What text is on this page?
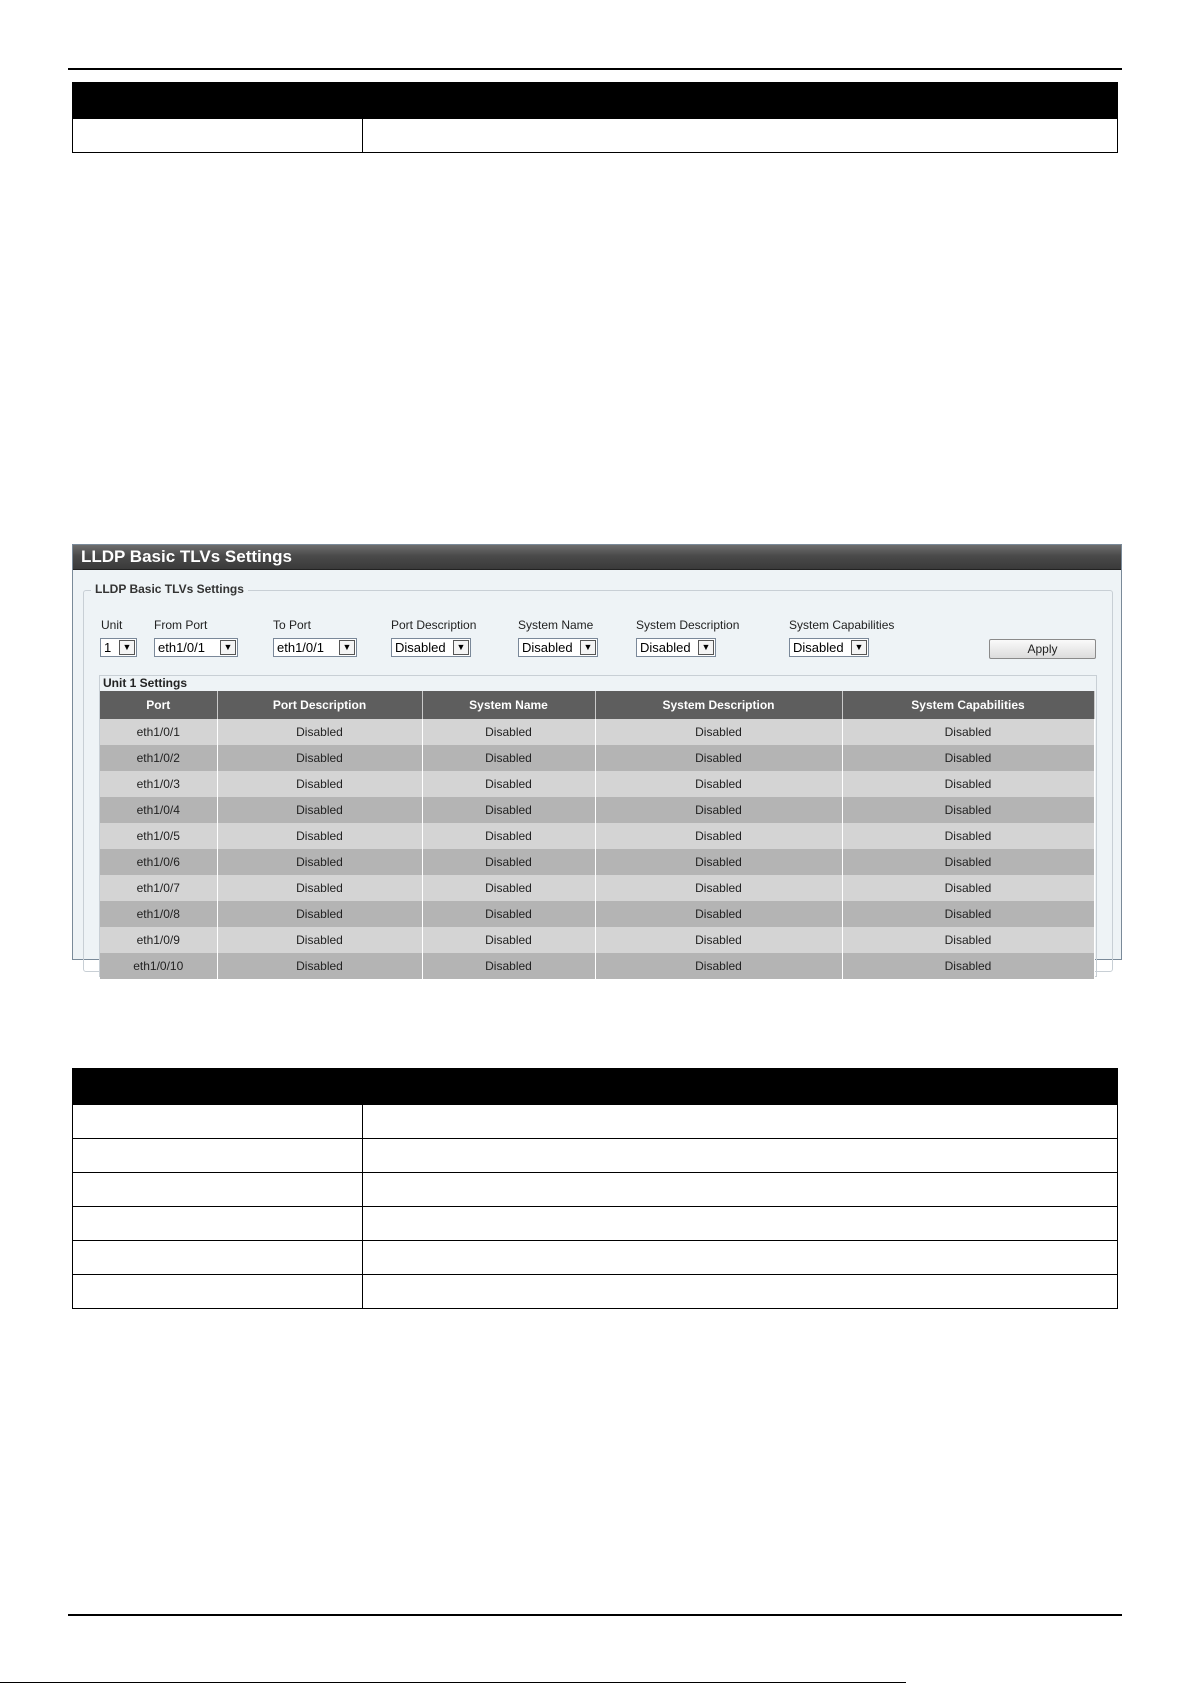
LLDP Basic TLVs Settings
LLDP Basic TLVs Settings
Unit	From Port	To Port	Port Description	System Name	System Description	System Capabilities
1	▼	eth1/0/1	▼	eth1/0/1	▼	Disabled	▼	Disabled	▼	Disabled	▼	Disabled	▼	Apply
Unit 1 Settings
Port	Port Description	System Name	System Description	System Capabilities
eth1/0/1	Disabled	Disabled	Disabled	Disabled
eth1/0/2	Disabled	Disabled	Disabled	Disabled
eth1/0/3	Disabled	Disabled	Disabled	Disabled
eth1/0/4	Disabled	Disabled	Disabled	Disabled
eth1/0/5	Disabled	Disabled	Disabled	Disabled
eth1/0/6	Disabled	Disabled	Disabled	Disabled
eth1/0/7	Disabled	Disabled	Disabled	Disabled
eth1/0/8	Disabled	Disabled	Disabled	Disabled
eth1/0/9	Disabled	Disabled	Disabled	Disabled
eth1/0/10	Disabled	Disabled	Disabled	Disabled
